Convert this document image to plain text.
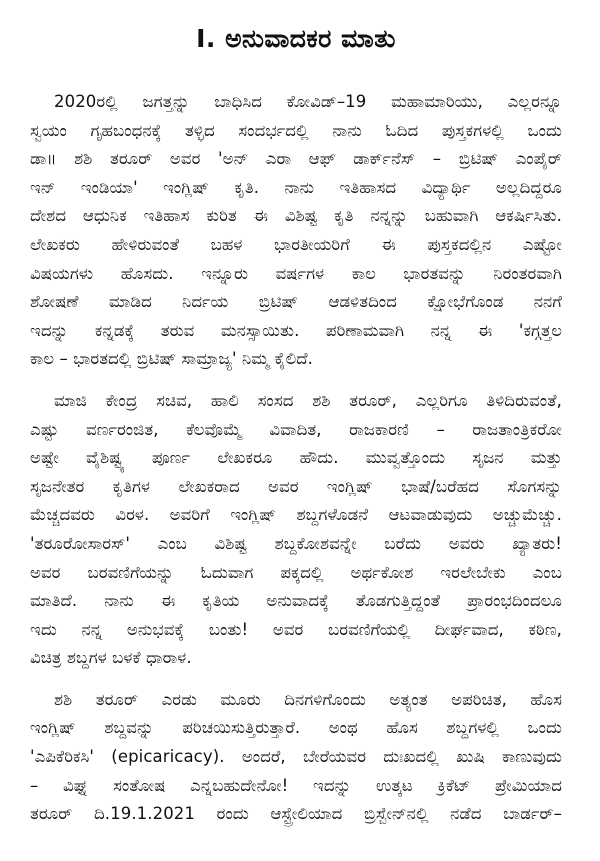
I. ಅನುವಾದಕರ ಮಾತು
2020ರಲ್ಲಿ ಜಗತ್ತನ್ನು ಬಾಧಿಸಿದ ಕೋವಿಡ್–19 ಮಹಾಮಾರಿಯು, ಎಲ್ಲರನ್ನೂ
ಸ್ವಯಂ ಗೃಹಬಂಧನಕ್ಕೆ ತಳ್ಳಿದ ಸಂದರ್ಭದಲ್ಲಿ ನಾನು ಓದಿದ ಪುಸ್ತಕಗಳಲ್ಲಿ ಒಂದು
ಡಾ॥ ಶಶಿ ತರೂರ್ ಅವರ 'ಅನ್ ಎರಾ ಆಫ್ ಡಾರ್ಕ್‌ನೆಸ್ – ಬ್ರಿಟಿಷ್ ಎಂಪೈರ್
ಇನ್ ಇಂಡಿಯಾ' ಇಂಗ್ಲಿಷ್ ಕೃತಿ. ನಾನು ಇತಿಹಾಸದ ವಿದ್ಯಾರ್ಥಿ ಅಲ್ಲದಿದ್ದರೂ
ದೇಶದ ಆಧುನಿಕ ಇತಿಹಾಸ ಕುರಿತ ಈ ವಿಶಿಷ್ಟ ಕೃತಿ ನನ್ನನ್ನು ಬಹುವಾಗಿ ಆಕರ್ಷಿಸಿತು.
ಲೇಖಕರು ಹೇಳಿರುವಂತೆ ಬಹಳ ಭಾರತೀಯರಿಗೆ ಈ ಪುಸ್ತಕದಲ್ಲಿನ ಎಷ್ಟೋ
ವಿಷಯಗಳು ಹೊಸದು. ಇನ್ನೂರು ವರ್ಷಗಳ ಕಾಲ ಭಾರತವನ್ನು ನಿರಂತರವಾಗಿ
ಶೋಷಣೆ ಮಾಡಿದ ನಿರ್ದಯ ಬ್ರಿಟಿಷ್ ಆಡಳಿತದಿಂದ ಕ್ಷೋಭೆಗೊಂಡ ನನಗೆ
ಇದನ್ನು ಕನ್ನಡಕ್ಕೆ ತರುವ ಮನಸ್ಸಾಯಿತು. ಪರಿಣಾಮವಾಗಿ ನನ್ನ ಈ 'ಕಗ್ಗತ್ತಲ
ಕಾಲ – ಭಾರತದಲ್ಲಿ ಬ್ರಿಟಿಷ್ ಸಾಮ್ರಾಜ್ಯ' ನಿಮ್ಮ ಕೈಲಿದೆ.
ಮಾಜಿ ಕೇಂದ್ರ ಸಚಿವ, ಹಾಲಿ ಸಂಸದ ಶಶಿ ತರೂರ್, ಎಲ್ಲರಿಗೂ ತಿಳಿದಿರುವಂತೆ,
ಎಷ್ಟು ವರ್ಣರಂಜಿತ, ಕೆಲವೊಮ್ಮೆ ವಿವಾದಿತ, ರಾಜಕಾರಣಿ – ರಾಜತಾಂತ್ರಿಕರೋ
ಅಷ್ಟೇ ವೈಶಿಷ್ಟ್ಯ ಪೂರ್ಣ ಲೇಖಕರೂ ಹೌದು. ಮುವ್ವತ್ತೊಂದು ಸೃಜನ ಮತ್ತು
ಸೃಜನೇತರ ಕೃತಿಗಳ ಲೇಖಕರಾದ ಅವರ ಇಂಗ್ಲಿಷ್ ಭಾಷೆ/ಬರೆಹದ ಸೊಗಸನ್ನು
ಮೆಚ್ಚದವರು ವಿರಳ. ಅವರಿಗೆ ಇಂಗ್ಲಿಷ್ ಶಬ್ದಗಳೊಡನೆ ಆಟವಾಡುವುದು ಅಚ್ಚುಮೆಚ್ಚು.
'ತರೂರೋಸಾರಸ್' ಎಂಬ ವಿಶಿಷ್ಟ ಶಬ್ದಕೋಶವನ್ನೇ ಬರೆದು ಅವರು ಖ್ಯಾತರು!
ಅವರ ಬರವಣಿಗೆಯನ್ನು ಓದುವಾಗ ಪಕ್ಕದಲ್ಲಿ ಅರ್ಥಕೋಶ ಇರಲೇಬೇಕು ಎಂಬ
ಮಾತಿದೆ. ನಾನು ಈ ಕೃತಿಯ ಅನುವಾದಕ್ಕೆ ತೊಡಗುತ್ತಿದ್ದಂತೆ ಪ್ರಾರಂಭದಿಂದಲೂ
ಇದು ನನ್ನ ಅನುಭವಕ್ಕೆ ಬಂತು! ಅವರ ಬರವಣಿಗೆಯಲ್ಲಿ ದೀರ್ಘವಾದ, ಕಠಿಣ,
ವಿಚಿತ್ರ ಶಬ್ದಗಳ ಬಳಕೆ ಧಾರಾಳ.
ಶಶಿ ತರೂರ್ ಎರಡು ಮೂರು ದಿನಗಳಿಗೊಂದು ಅತ್ಯಂತ ಅಪರಿಚಿತ, ಹೊಸ
ಇಂಗ್ಲಿಷ್ ಶಬ್ದವನ್ನು ಪರಿಚಯಿಸುತ್ತಿರುತ್ತಾರೆ. ಅಂಥ ಹೊಸ ಶಬ್ದಗಳಲ್ಲಿ ಒಂದು
'ಎಪಿಕೆರಿಕಸಿ' (epicaricacy). ಅಂದರೆ, ಬೇರೆಯವರ ದುಃಖದಲ್ಲಿ ಖುಷಿ ಕಾಣುವುದು
– ವಿಘ್ನ ಸಂತೋಷ ಎನ್ನಬಹುದೇನೋ! ಇದನ್ನು ಉತ್ಕಟ ಕ್ರಿಕೆಟ್ ಪ್ರೇಮಿಯಾದ
ತರೂರ್ ದಿ.19.1.2021 ರಂದು ಆಸ್ಟ್ರೇಲಿಯಾದ ಬ್ರಿಸ್ಬೇನ್‌ನಲ್ಲಿ ನಡೆದ ಬಾರ್ಡರ್–
